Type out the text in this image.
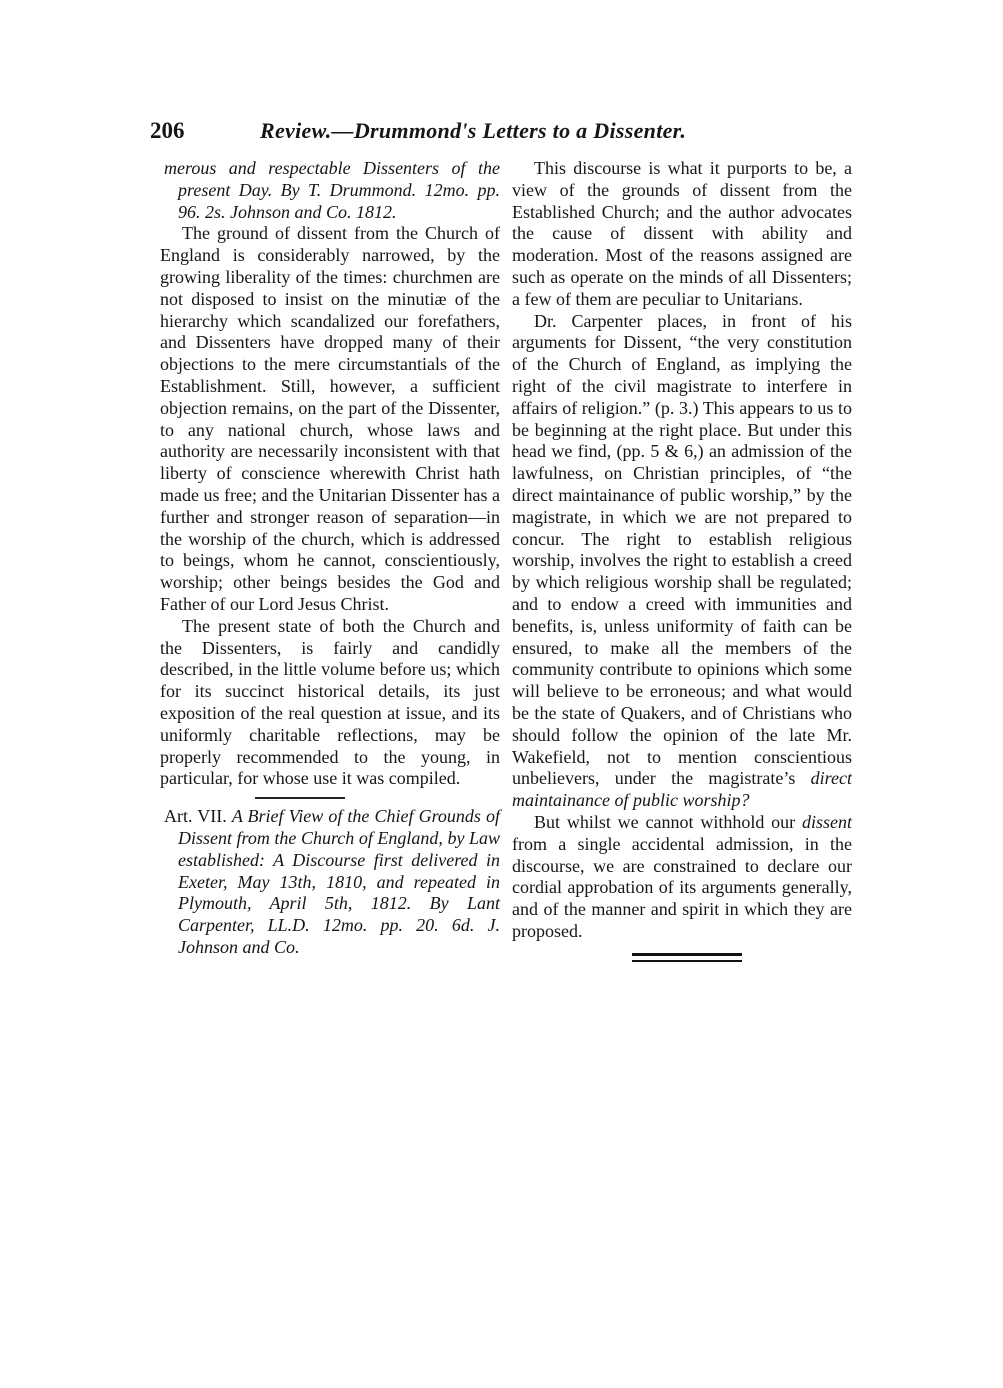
206	Review.—Drummond's Letters to a Dissenter.

merous and respectable Dissenters of the present Day. By T. Drummond. 12mo. pp. 96. 2s. Johnson and Co. 1812.

The ground of dissent from the Church of England is considerably narrowed, by the growing liberality of the times: churchmen are not disposed to insist on the minutiæ of the hierarchy which scandalized our forefathers, and Dissenters have dropped many of their objections to the mere circumstantials of the Establishment. Still, however, a sufficient objection remains, on the part of the Dissenter, to any national church, whose laws and authority are necessarily inconsistent with that liberty of conscience wherewith Christ hath made us free; and the Unitarian Dissenter has a further and stronger reason of separation—in the worship of the church, which is addressed to beings, whom he cannot, conscientiously, worship; other beings besides the God and Father of our Lord Jesus Christ.

The present state of both the Church and the Dissenters, is fairly and candidly described, in the little volume before us; which for its succinct historical details, its just exposition of the real question at issue, and its uniformly charitable reflections, may be properly recommended to the young, in particular, for whose use it was compiled.

Art. VII. A Brief View of the Chief Grounds of Dissent from the Church of England, by Law established: A Discourse first delivered in Exeter, May 13th, 1810, and repeated in Plymouth, April 5th, 1812. By Lant Carpenter, LL.D. 12mo. pp. 20. 6d. J. Johnson and Co.

This discourse is what it purports to be, a view of the grounds of dissent from the Established Church; and the author advocates the cause of dissent with ability and moderation. Most of the reasons assigned are such as operate on the minds of all Dissenters; a few of them are peculiar to Unitarians.

Dr. Carpenter places, in front of his arguments for Dissent, “the very constitution of the Church of England, as implying the right of the civil magistrate to interfere in affairs of religion.” (p. 3.) This appears to us to be beginning at the right place. But under this head we find, (pp. 5 & 6,) an admission of the lawfulness, on Christian principles, of “the direct maintainance of public worship,” by the magistrate, in which we are not prepared to concur. The right to establish religious worship, involves the right to establish a creed by which religious worship shall be regulated; and to endow a creed with immunities and benefits, is, unless uniformity of faith can be ensured, to make all the members of the community contribute to opinions which some will believe to be erroneous; and what would be the state of Quakers, and of Christians who should follow the opinion of the late Mr. Wakefield, not to mention conscientious unbelievers, under the magistrate’s direct maintainance of public worship?

But whilst we cannot withhold our dissent from a single accidental admission, in the discourse, we are constrained to declare our cordial approbation of its arguments generally, and of the manner and spirit in which they are proposed.
